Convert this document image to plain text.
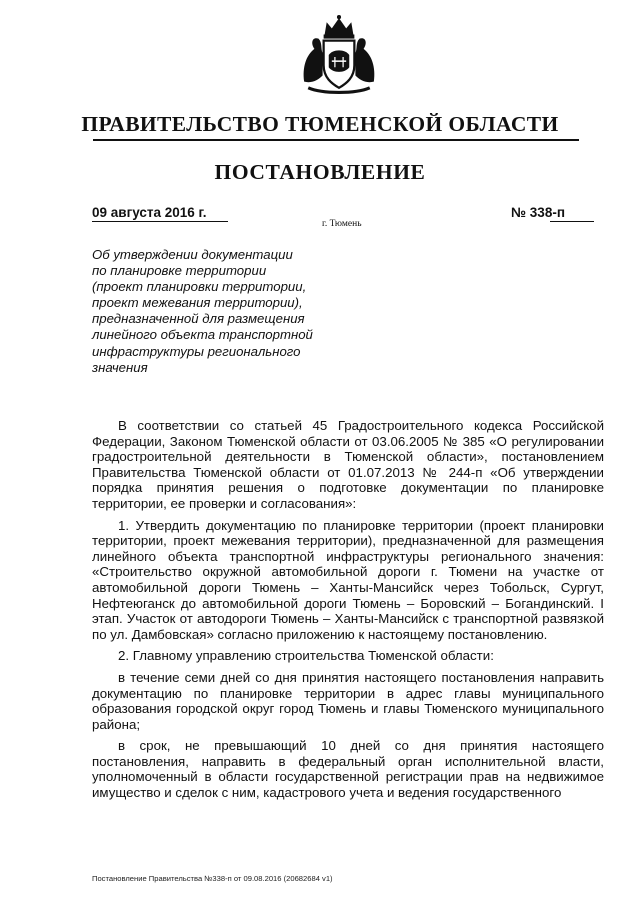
ПРАВИТЕЛЬСТВО ТЮМЕНСКОЙ ОБЛАСТИ
ПОСТАНОВЛЕНИЕ
09 августа 2016 г.	№ 338-п
г. Тюмень

Об утверждении документации
по планировке территории
(проект планировки территории,
проект межевания территории),
предназначенной для размещения
линейного объекта транспортной
инфраструктуры регионального
значения

В соответствии со статьей 45 Градостроительного кодекса Российской Федерации, Законом Тюменской области от 03.06.2005 № 385 «О регулировании градостроительной деятельности в Тюменской области», постановлением Правительства Тюменской области от 01.07.2013 № 244-п «Об утверждении порядка принятия решения о подготовке документации по планировке территории, ее проверки и согласования»:

1. Утвердить документацию по планировке территории (проект планировки территории, проект межевания территории), предназначенной для размещения линейного объекта транспортной инфраструктуры регионального значения: «Строительство окружной автомобильной дороги г. Тюмени на участке от автомобильной дороги Тюмень – Ханты-Мансийск через Тобольск, Сургут, Нефтеюганск до автомобильной дороги Тюмень – Боровский – Богандинский. I этап. Участок от автодороги Тюмень – Ханты-Мансийск с транспортной развязкой по ул. Дамбовская» согласно приложению к настоящему постановлению.

2. Главному управлению строительства Тюменской области:

в течение семи дней со дня принятия настоящего постановления направить документацию по планировке территории в адрес главы муниципального образования городской округ город Тюмень и главы Тюменского муниципального района;

в срок, не превышающий 10 дней со дня принятия настоящего постановления, направить в федеральный орган исполнительной власти, уполномоченный в области государственной регистрации прав на недвижимое имущество и сделок с ним, кадастрового учета и ведения государственного

Постановление Правительства №338-п от 09.08.2016 (20682684 v1)
